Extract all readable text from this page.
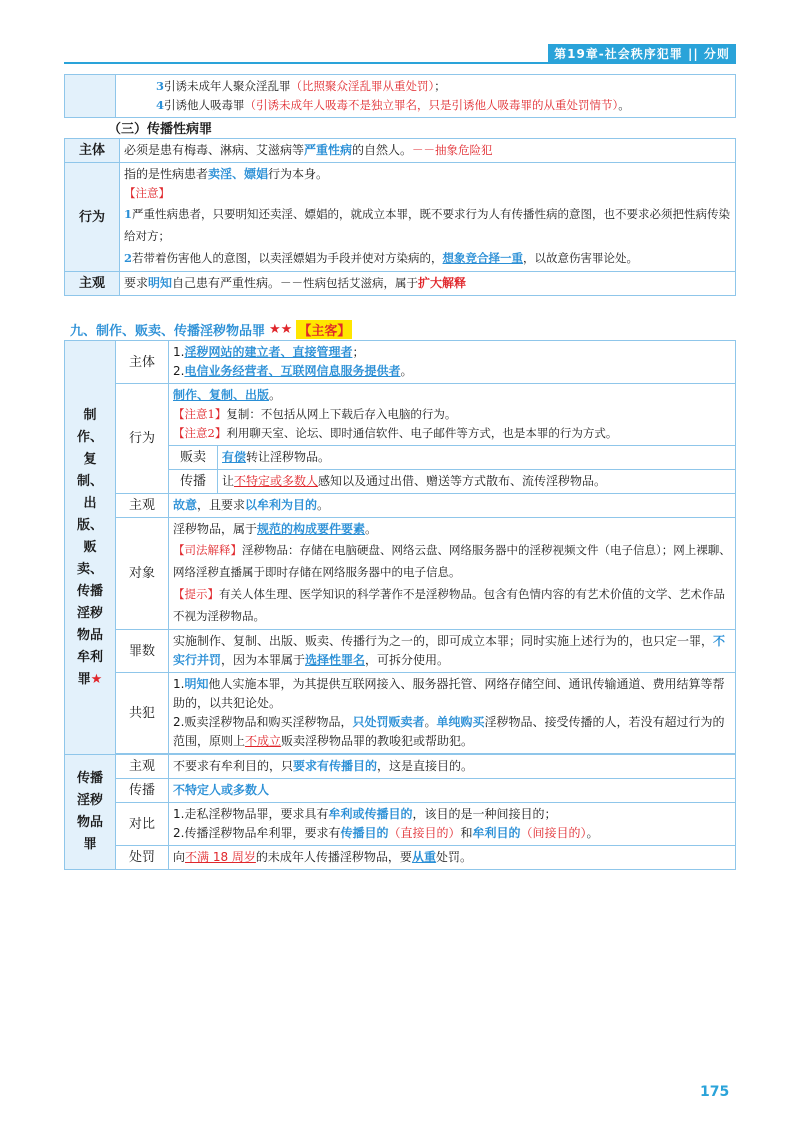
第19章-社会秩序犯罪 || 分则

3引诱未成年人聚众淫乱罪（比照聚众淫乱罪从重处罚）；
4引诱他人吸毒罪（引诱未成年人吸毒不是独立罪名，只是引诱他人吸毒罪的从重处罚情节）。
（三）传播性病罪
主体	必须是患有梅毒、淋病、艾滋病等严重性病的自然人。－－抽象危险犯
行为	指的是性病患者卖淫、嫖娼行为本身。
【注意】
1严重性病患者，只要明知还卖淫、嫖娼的，就成立本罪，既不要求行为人有传播性病的意图，也不要求必须把性病传染给对方；
2若带着伤害他人的意图，以卖淫嫖娼为手段并使对方染病的，想象竞合择一重，以故意伤害罪论处。

主观	要求明知自己患有严重性病。－－性病包括艾滋病，属于扩大解释
九、制作、贩卖、传播淫秽物品罪 ★★ 【主客】
制作、复制、出版、贩卖、传播淫秽物品牟利罪★	主体	1.淫秽网站的建立者、直接管理者；
2.电信业务经营者、互联网信息服务提供者。	

	行为	制作、复制、出版。
【注意1】复制：不包括从网上下载后存入电脑的行为。
【注意2】利用聊天室、论坛、即时通信软件、电子邮件等方式，也是本罪的行为方式。	

		贩卖	有偿转让淫秽物品。
		传播	让不特定或多数人感知以及通过出借、赠送等方式散布、流传淫秽物品。
	主观	故意，且要求以牟利为目的。	
	对象	淫秽物品，属于规范的构成要件要素。
【司法解释】淫秽物品：存储在电脑硬盘、网络云盘、网络服务器中的淫秽视频文件（电子信息）；网上裸聊、网络淫秽直播属于即时存储在网络服务器中的电子信息。
【提示】有关人体生理、医学知识的科学著作不是淫秽物品。包含有色情内容的有艺术价值的文学、艺术作品不视为淫秽物品。	

	罪数	实施制作、复制、出版、贩卖、传播行为之一的，即可成立本罪；同时实施上述行为的，也只定一罪，不实行并罚，因为本罪属于选择性罪名，可拆分使用。	
	共犯	1.明知他人实施本罪，为其提供互联网接入、服务器托管、网络存储空间、通讯传输通道、费用结算等帮助的，以共犯论处。
2.贩卖淫秽物品和购买淫秽物品，只处罚贩卖者。单纯购买淫秽物品、接受传播的人，若没有超过行为的范围，原则上不成立贩卖淫秽物品罪的教唆犯或帮助犯。	

传播淫秽物品罪	主观	不要求有牟利目的，只要求有传播目的，这是直接目的。	
	传播	不特定人或多数人	
	对比	1.走私淫秽物品罪，要求具有牟利或传播目的，该目的是一种间接目的；
2.传播淫秽物品牟利罪，要求有传播目的（直接目的）和牟利目的（间接目的）。	

	处罚	向不满 18 周岁的未成年人传播淫秽物品，要从重处罚。	
175
